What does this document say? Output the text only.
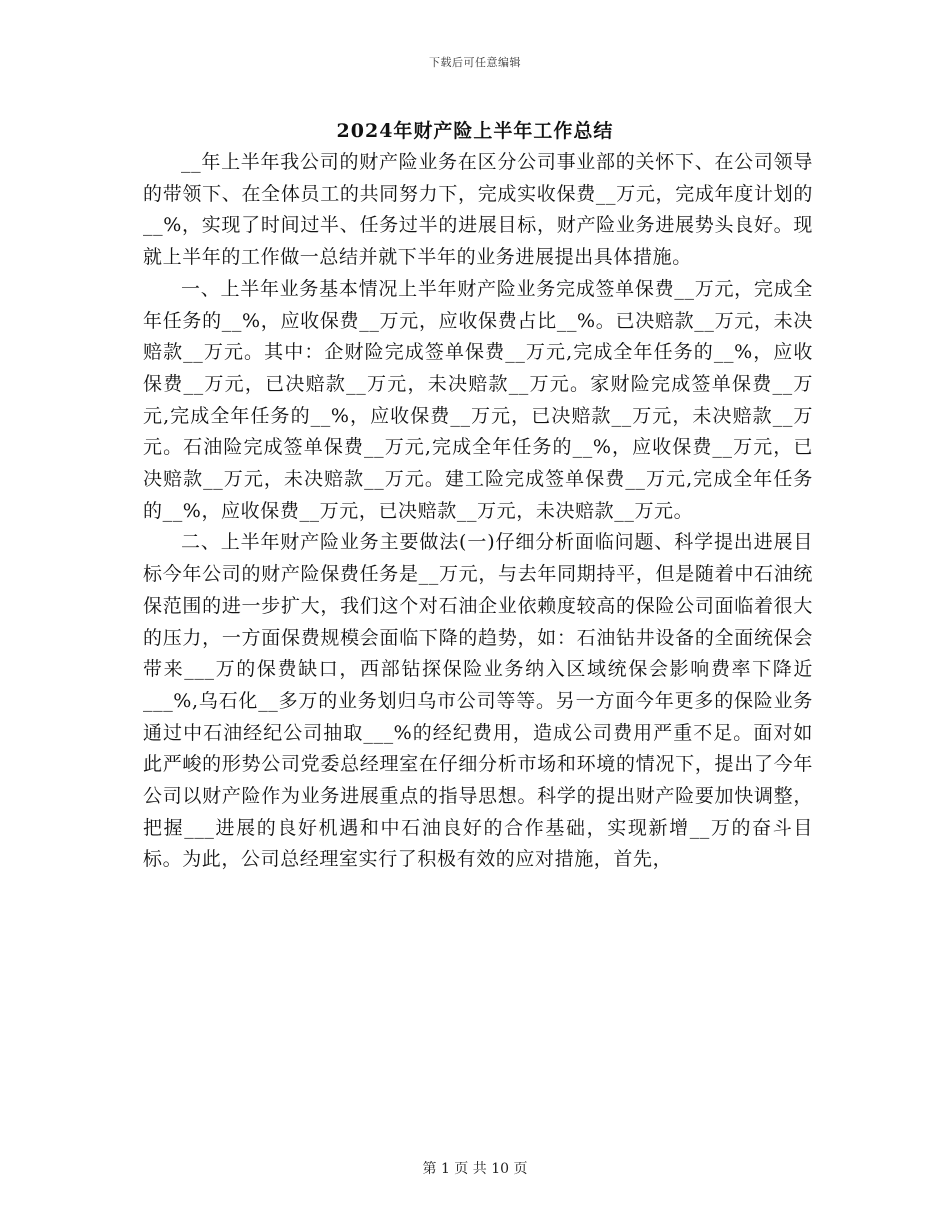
下载后可任意编辑
2024年财产险上半年工作总结

__年上半年我公司的财产险业务在区分公司事业部的关怀下、在公司领导的带领下、在全体员工的共同努力下，完成实收保费__万元，完成年度计划的__%，实现了时间过半、任务过半的进展目标，财产险业务进展势头良好。现就上半年的工作做一总结并就下半年的业务进展提出具体措施。

一、上半年业务基本情况上半年财产险业务完成签单保费__万元，完成全年任务的__%，应收保费__万元，应收保费占比__%。已决赔款__万元，未决赔款__万元。其中：企财险完成签单保费__万元,完成全年任务的__%，应收保费__万元，已决赔款__万元，未决赔款__万元。家财险完成签单保费__万元,完成全年任务的__%，应收保费__万元，已决赔款__万元，未决赔款__万元。石油险完成签单保费__万元,完成全年任务的__%，应收保费__万元，已决赔款__万元，未决赔款__万元。建工险完成签单保费__万元,完成全年任务的__%，应收保费__万元，已决赔款__万元，未决赔款__万元。

二、上半年财产险业务主要做法(一)仔细分析面临问题、科学提出进展目标今年公司的财产险保费任务是__万元，与去年同期持平，但是随着中石油统保范围的进一步扩大，我们这个对石油企业依赖度较高的保险公司面临着很大的压力，一方面保费规模会面临下降的趋势，如：石油钻井设备的全面统保会带来___万的保费缺口，西部钻探保险业务纳入区域统保会影响费率下降近___%,乌石化__多万的业务划归乌市公司等等。另一方面今年更多的保险业务通过中石油经纪公司抽取___%的经纪费用，造成公司费用严重不足。面对如此严峻的形势公司党委总经理室在仔细分析市场和环境的情况下，提出了今年公司以财产险作为业务进展重点的指导思想。科学的提出财产险要加快调整，把握___进展的良好机遇和中石油良好的合作基础，实现新增__万的奋斗目标。为此，公司总经理室实行了积极有效的应对措施，首先，

第 1 页 共 10 页
